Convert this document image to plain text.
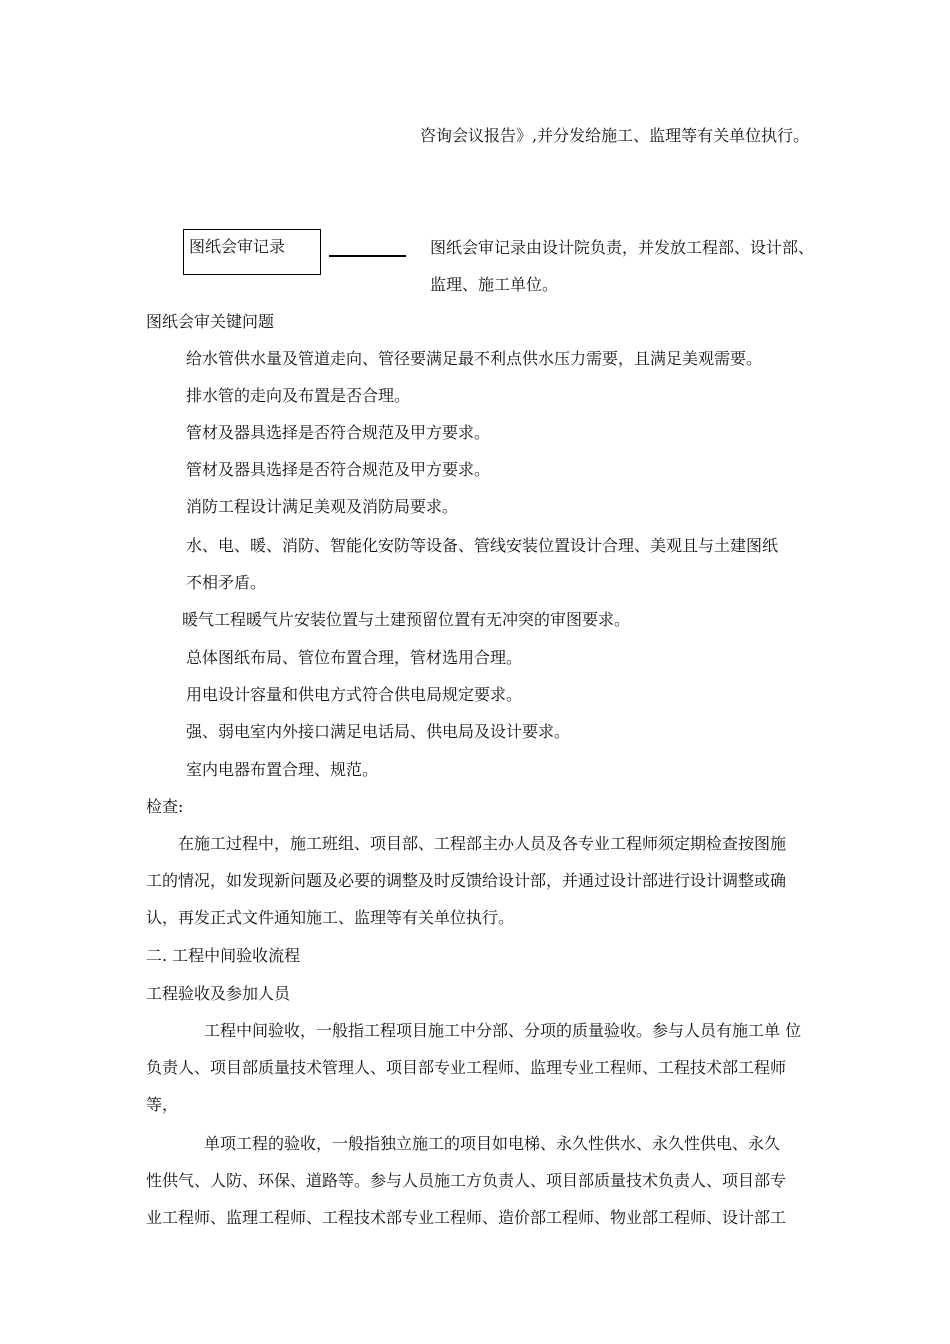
咨询会议报告》,并分发给施工、监理等有关单位执行。
图纸会审记录	图纸会审记录由设计院负责，并发放工程部、设计部、
监理、施工单位。
图纸会审关键问题
给水管供水量及管道走向、管径要满足最不利点供水压力需要，且满足美观需要。
排水管的走向及布置是否合理。
管材及器具选择是否符合规范及甲方要求。
管材及器具选择是否符合规范及甲方要求。
消防工程设计满足美观及消防局要求。
水、电、暖、消防、智能化安防等设备、管线安装位置设计合理、美观且与土建图纸
不相矛盾。
暖气工程暖气片安装位置与土建预留位置有无冲突的审图要求。
总体图纸布局、管位布置合理，管材选用合理。
用电设计容量和供电方式符合供电局规定要求。
强、弱电室内外接口满足电话局、供电局及设计要求。
室内电器布置合理、规范。
检查:
在施工过程中，施工班组、项目部、工程部主办人员及各专业工程师须定期检查按图施
工的情况，如发现新问题及必要的调整及时反馈给设计部，并通过设计部进行设计调整或确
认，再发正式文件通知施工、监理等有关单位执行。
二. 工程中间验收流程
工程验收及参加人员
工程中间验收，一般指工程项目施工中分部、分项的质量验收。参与人员有施工单 位
负责人、项目部质量技术管理人、项目部专业工程师、监理专业工程师、工程技术部工程师
等，
单项工程的验收，一般指独立施工的项目如电梯、永久性供水、永久性供电、永久
性供气、人防、环保、道路等。参与人员施工方负责人、项目部质量技术负责人、项目部专
业工程师、监理工程师、工程技术部专业工程师、造价部工程师、物业部工程师、设计部工
